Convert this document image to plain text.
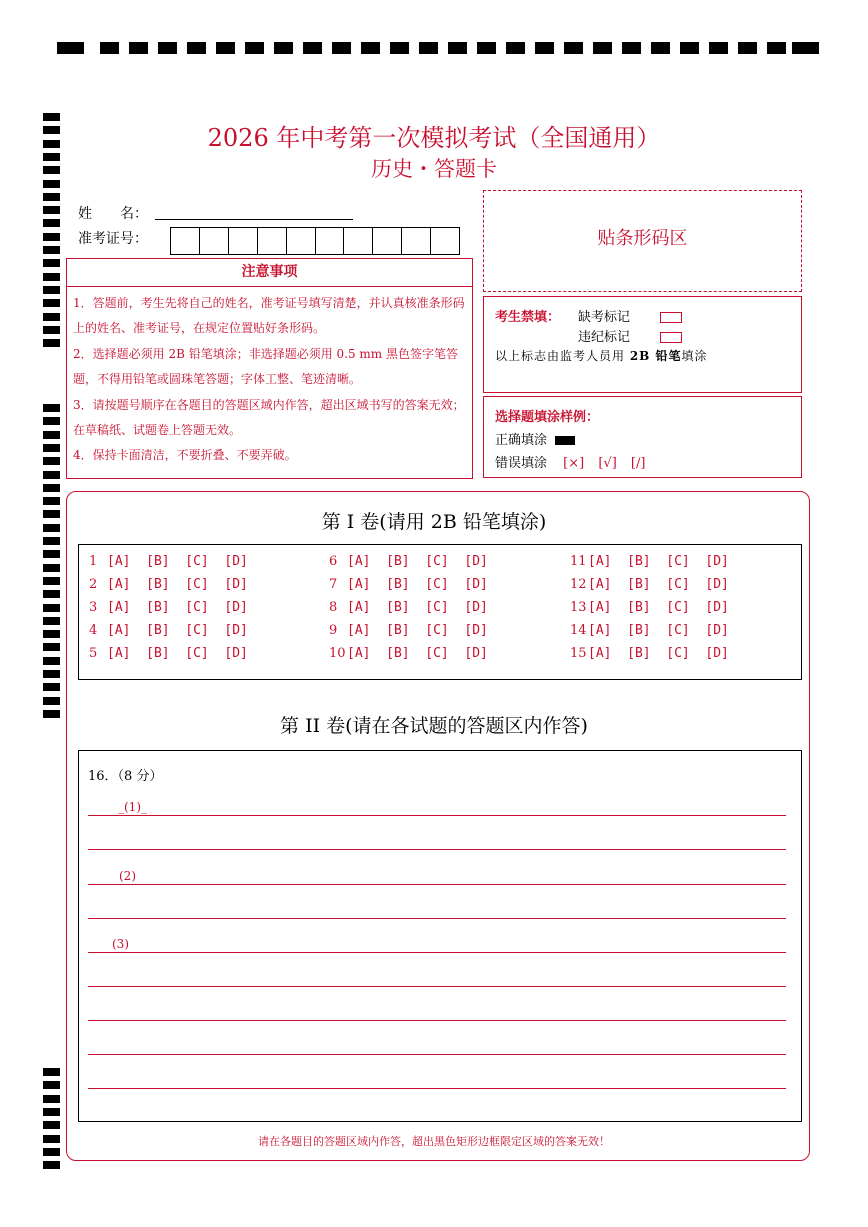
2026 年中考第一次模拟考试（全国通用）
历史・答题卡
姓　　名：
准考证号：
注意事项
1．答题前，考生先将自己的姓名，准考证号填写清楚，并认真核准条形码上的姓名、准考证号，在规定位置贴好条形码。
2．选择题必须用 2B 铅笔填涂；非选择题必须用 0.5 mm 黑色签字笔答题，不得用铅笔或圆珠笔答题；字体工整、笔迹清晰。
3．请按题号顺序在各题目的答题区域内作答，超出区域书写的答案无效；在草稿纸、试题卷上答题无效。
4．保持卡面清洁，不要折叠、不要弄破。
贴条形码区
考生禁填： 缺考标记
违纪标记
以上标志由监考人员用 2B 铅笔填涂
选择题填涂样例：
正确填涂
错误填涂 [×] [√] [/]
第 I 卷(请用 2B 铅笔填涂)
1 [A]  [B]  [C]  [D]
2 [A]  [B]  [C]  [D]
3 [A]  [B]  [C]  [D]
4 [A]  [B]  [C]  [D]
5 [A]  [B]  [C]  [D]
6 [A]  [B]  [C]  [D]
7 [A]  [B]  [C]  [D]
8 [A]  [B]  [C]  [D]
9 [A]  [B]  [C]  [D]
10[A]  [B]  [C]  [D]
11[A]  [B]  [C]  [D]
12[A]  [B]  [C]  [D]
13[A]  [B]  [C]  [D]
14[A]  [B]  [C]  [D]
15[A]  [B]  [C]  [D]
第 II 卷(请在各试题的答题区内作答)
16．（8 分）
_(1)_
(2)
(3)
请在各题目的答题区域内作答，超出黑色矩形边框限定区域的答案无效！
